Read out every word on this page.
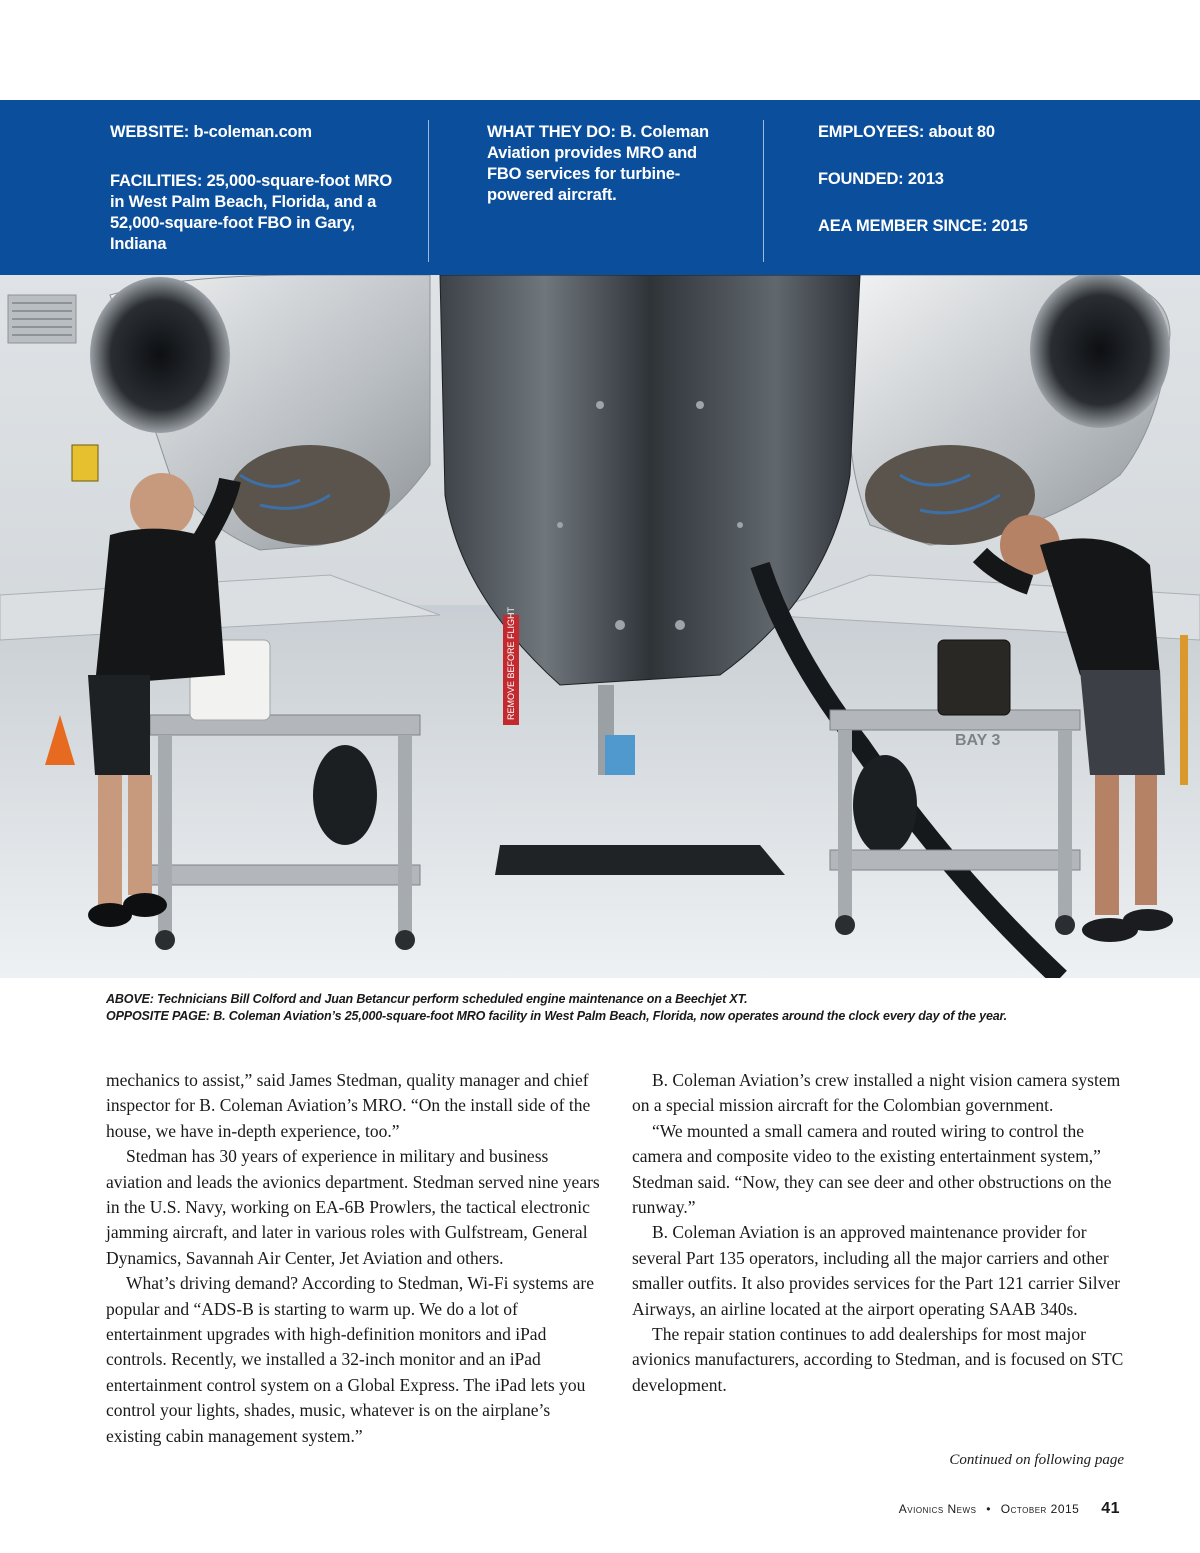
WEBSITE: b-coleman.com
FACILITIES: 25,000-square-foot MRO in West Palm Beach, Florida, and a 52,000-square-foot FBO in Gary, Indiana
WHAT THEY DO: B. Coleman Aviation provides MRO and FBO services for turbine-powered aircraft.
EMPLOYEES: about 80
FOUNDED: 2013
AEA MEMBER SINCE: 2015
REMOVE BEFORE FLIGHT
BAY 3
ABOVE: Technicians Bill Colford and Juan Betancur perform scheduled engine maintenance on a Beechjet XT.
OPPOSITE PAGE: B. Coleman Aviation’s 25,000-square-foot MRO facility in West Palm Beach, Florida, now operates around the clock every day of the year.

mechanics to assist,” said James Stedman, quality manager and chief inspector for B. Coleman Aviation’s MRO. “On the install side of the house, we have in-depth experience, too.”

Stedman has 30 years of experience in military and business aviation and leads the avionics department. Stedman served nine years in the U.S. Navy, working on EA-6B Prowlers, the tactical electronic jamming aircraft, and later in various roles with Gulfstream, General Dynamics, Savannah Air Center, Jet Aviation and others.

What’s driving demand? According to Stedman, Wi-Fi systems are popular and “ADS-B is starting to warm up. We do a lot of entertainment upgrades with high-definition monitors and iPad controls. Recently, we installed a 32-inch monitor and an iPad entertainment control system on a Global Express. The iPad lets you control your lights, shades, music, whatever is on the airplane’s existing cabin management system.”

B. Coleman Aviation’s crew installed a night vision camera system on a special mission aircraft for the Colombian government.

“We mounted a small camera and routed wiring to control the camera and composite video to the existing entertainment system,” Stedman said. “Now, they can see deer and other obstructions on the runway.”

B. Coleman Aviation is an approved maintenance provider for several Part 135 operators, including all the major carriers and other smaller outfits. It also provides services for the Part 121 carrier Silver Airways, an airline located at the airport operating SAAB 340s.

The repair station continues to add dealerships for most major avionics manufacturers, according to Stedman, and is focused on STC development.

Continued on following page
Avionics News • October 2015 41
